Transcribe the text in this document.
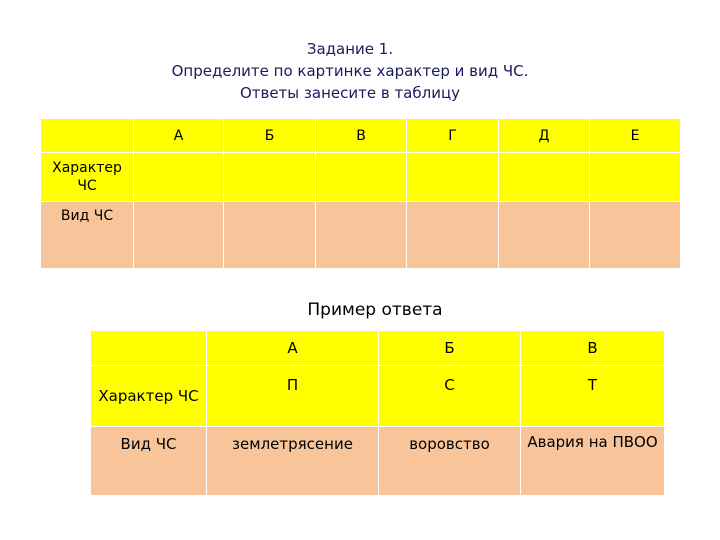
Задание 1.
Определите по картинке характер и вид ЧС.
Ответы занесите в таблицу
	А	Б	В	Г	Д	Е
Характер ЧС						
Вид ЧС						
Пример ответа
	А	Б	В
Характер ЧС	П	С	Т
Вид ЧС	землетрясение	воровство	Авария на ПВОО
